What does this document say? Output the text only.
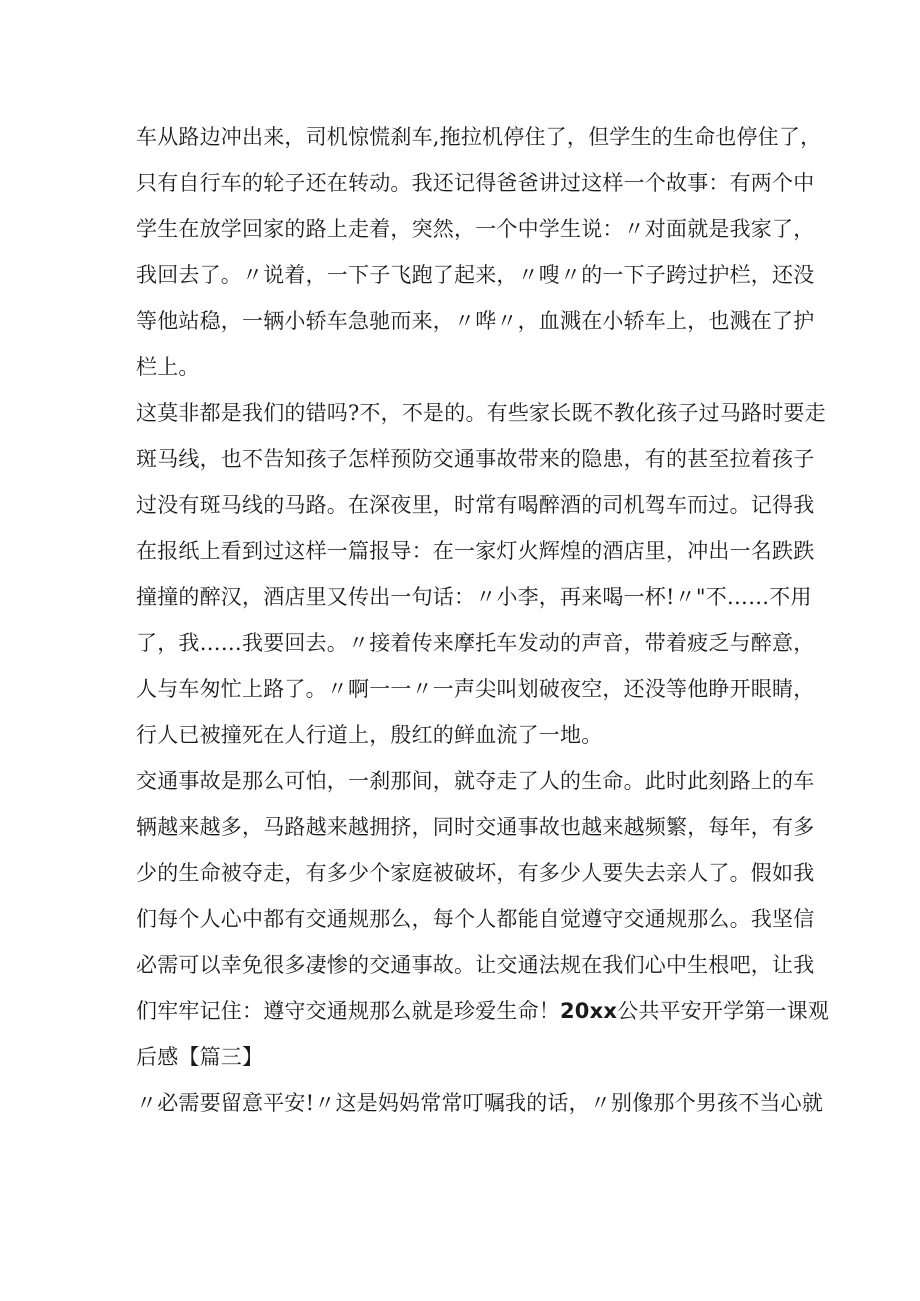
车从路边冲出来，司机惊慌刹车,拖拉机停住了，但学生的生命也停住了，
只有自行车的轮子还在转动。我还记得爸爸讲过这样一个故事：有两个中
学生在放学回家的路上走着，突然，一个中学生说：〃对面就是我家了，
我回去了。〃说着，一下子飞跑了起来，〃嗖〃的一下子跨过护栏，还没
等他站稳，一辆小轿车急驰而来，〃哗〃，血溅在小轿车上，也溅在了护
栏上。
这莫非都是我们的错吗?不，不是的。有些家长既不教化孩子过马路时要走
斑马线，也不告知孩子怎样预防交通事故带来的隐患，有的甚至拉着孩子
过没有斑马线的马路。在深夜里，时常有喝醉酒的司机驾车而过。记得我
在报纸上看到过这样一篇报导：在一家灯火辉煌的酒店里，冲出一名跌跌
撞撞的醉汉，酒店里又传出一句话：〃小李，再来喝一杯!〃"不……不用
了，我……我要回去。〃接着传来摩托车发动的声音，带着疲乏与醉意，
人与车匆忙上路了。〃啊一一〃一声尖叫划破夜空，还没等他睁开眼睛，
行人已被撞死在人行道上，殷红的鲜血流了一地。
交通事故是那么可怕，一刹那间，就夺走了人的生命。此时此刻路上的车
辆越来越多，马路越来越拥挤，同时交通事故也越来越频繁，每年，有多
少的生命被夺走，有多少个家庭被破坏，有多少人要失去亲人了。假如我
们每个人心中都有交通规那么，每个人都能自觉遵守交通规那么。我坚信
必需可以幸免很多凄惨的交通事故。让交通法规在我们心中生根吧，让我
们牢牢记住：遵守交通规那么就是珍爱生命！20xx公共平安开学第一课观
后感【篇三】
〃必需要留意平安!〃这是妈妈常常叮嘱我的话，〃别像那个男孩不当心就
